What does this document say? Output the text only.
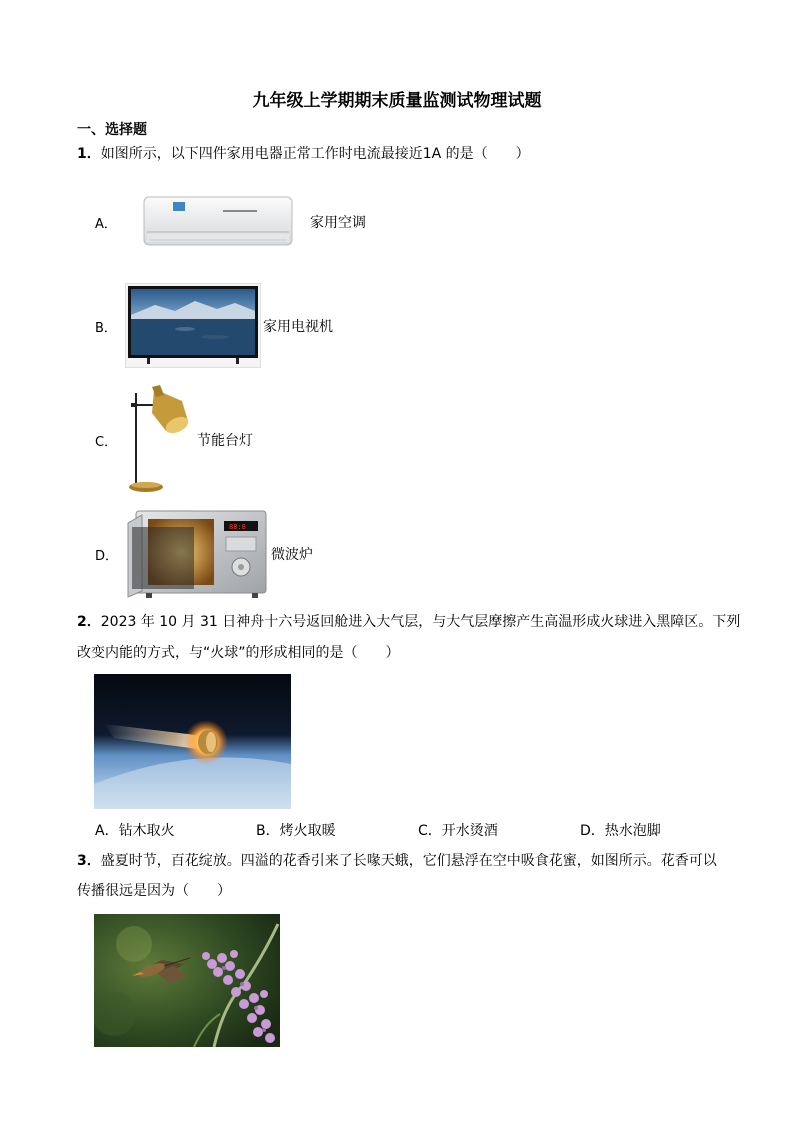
九年级上学期期末质量监测试物理试题
一、选择题
1．如图所示，以下四件家用电器正常工作时电流最接近1A 的是（　　）
A．	家用空调
B．	家用电视机
C．	节能台灯
D．
88:8
微波炉
2．2023 年 10 月 31 日神舟十六号返回舱进入大气层，与大气层摩擦产生高温形成火球进入黑障区。下列
改变内能的方式，与“火球”的形成相同的是（　　）
A．钻木取火	B．烤火取暖	C．开水烫酒	D．热水泡脚
3．盛夏时节，百花绽放。四溢的花香引来了长喙天蛾，它们悬浮在空中吸食花蜜，如图所示。花香可以
传播很远是因为（　　）
